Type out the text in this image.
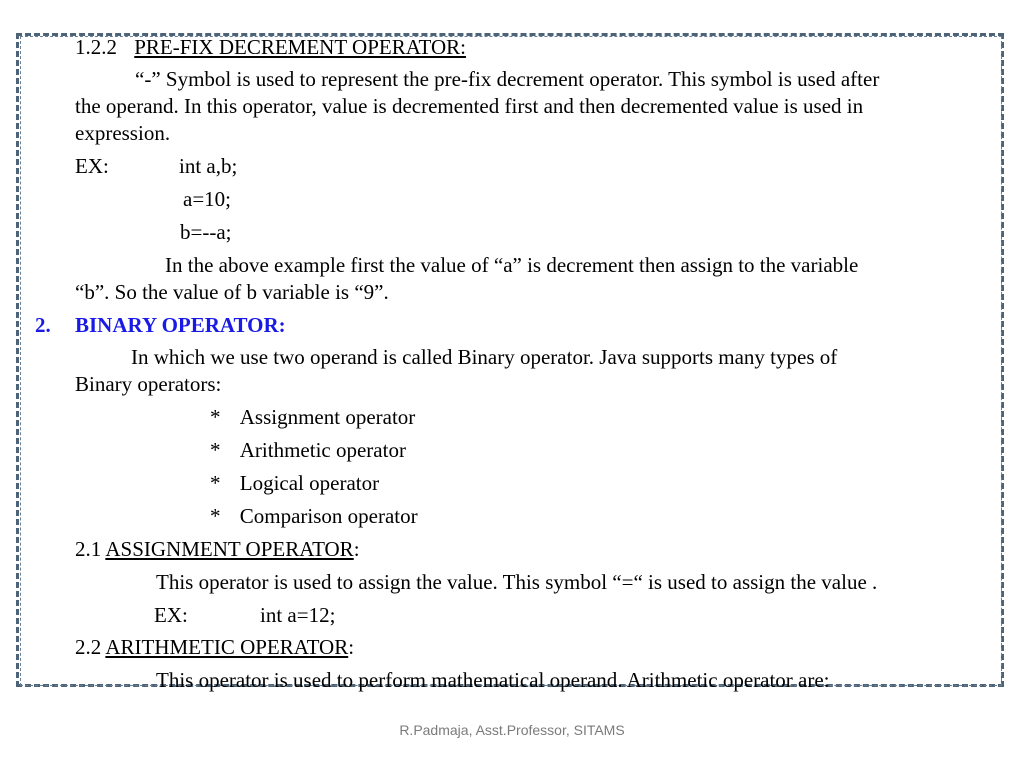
1.2.2 PRE-FIX DECREMENT OPERATOR:
“-” Symbol is used to represent the pre-fix decrement operator. This symbol is used after
the operand. In this operator, value is decremented first and then decremented value is used in
expression.
EX:	int a,b;
a=10;
b=--a;
In the above example first the value of “a” is decrement then assign to the variable
“b”. So the value of b variable is “9”.
2. BINARY OPERATOR:
In which we use two operand is called Binary operator. Java supports many types of
Binary operators:
* Assignment operator
* Arithmetic operator
* Logical operator
* Comparison operator
2.1 ASSIGNMENT OPERATOR:
This operator is used to assign the value. This symbol “=“ is used to assign the value .
EX:	int a=12;
2.2 ARITHMETIC OPERATOR:
This operator is used to perform mathematical operand. Arithmetic operator are:
R.Padmaja, Asst.Professor, SITAMS
